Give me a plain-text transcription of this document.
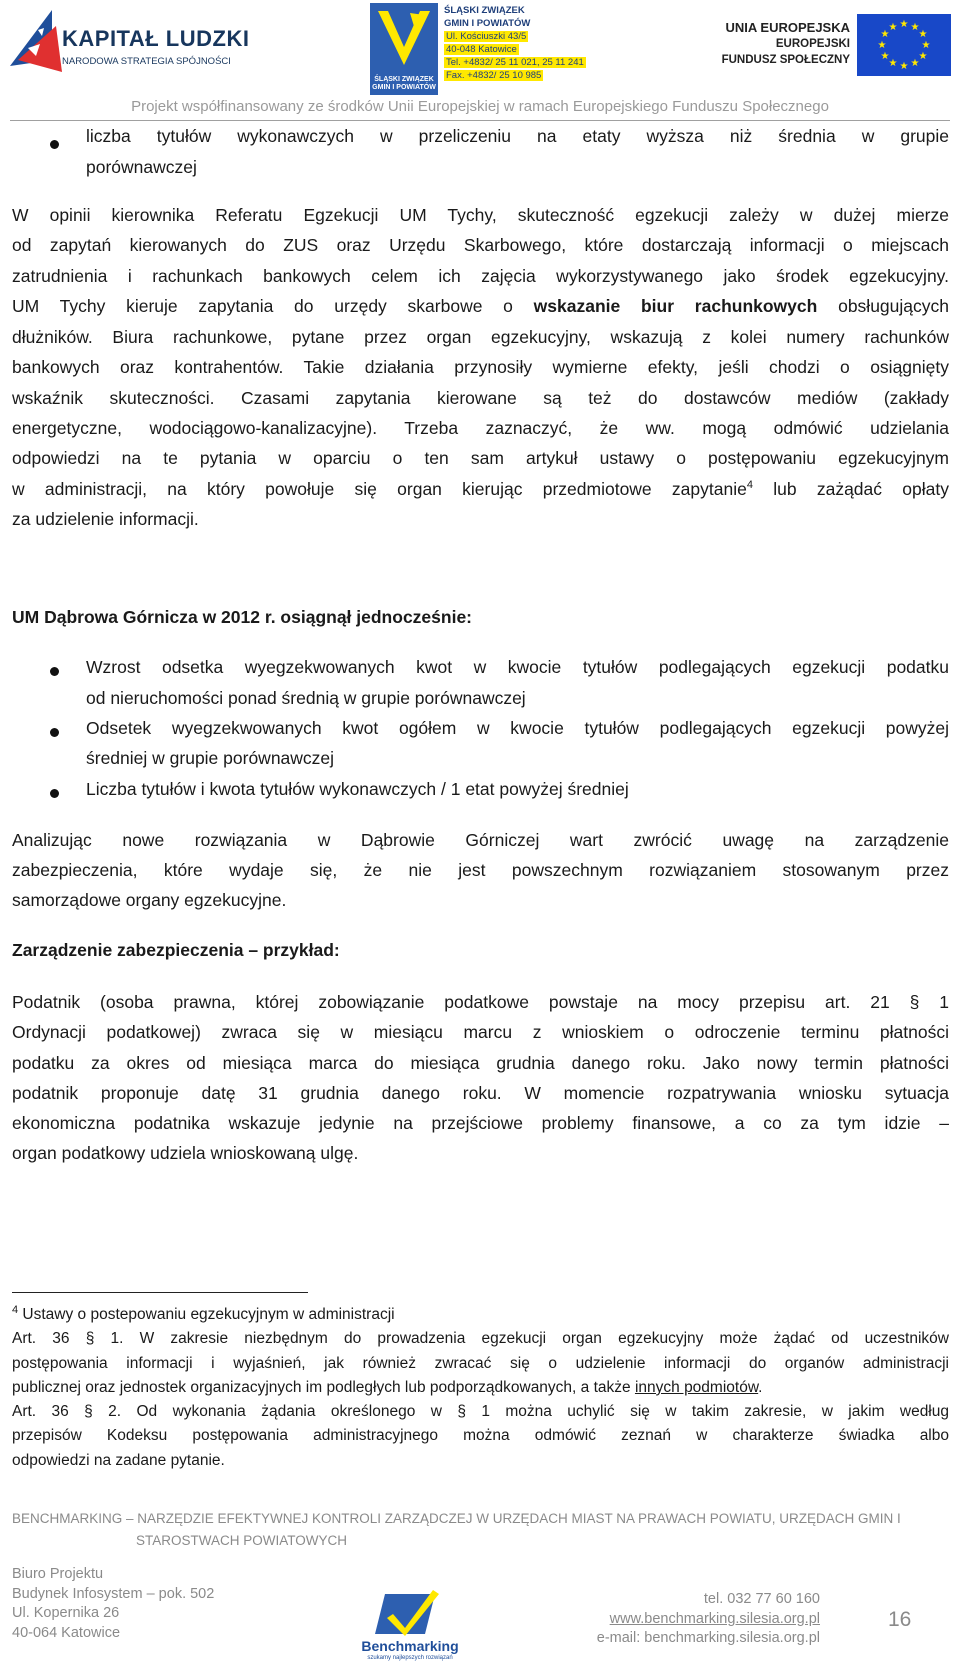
KAPITAŁ LUDZKI
NARODOWA STRATEGIA SPÓJNOŚCI
ŚLĄSKI ZWIĄZEK GMIN I POWIATÓW
ŚLĄSKI ZWIĄZEK
GMIN I POWIATÓW
Ul. Kościuszki 43/5
40-048 Katowice
Tel. +4832/ 25 11 021, 25 11 241
Fax. +4832/ 25 10 985
UNIA EUROPEJSKA
EUROPEJSKI
FUNDUSZ SPOŁECZNY
★ ★
★
★
★
★
★
★
★
★
★
★
Projekt współfinansowany ze środków Unii Europejskiej w ramach Europejskiego Funduszu Społecznego
liczba tytułów wykonawczych w przeliczeniu na etaty wyższa niż średnia w grupie
porównawczej
W opinii kierownika Referatu Egzekucji UM Tychy, skuteczność egzekucji zależy w dużej mierze
od zapytań kierowanych do ZUS oraz Urzędu Skarbowego, które dostarczają informacji o miejscach
zatrudnienia i rachunkach bankowych celem ich zajęcia wykorzystywanego jako środek egzekucyjny.
UM Tychy kieruje zapytania do urzędy skarbowe o wskazanie biur rachunkowych obsługujących
dłużników. Biura rachunkowe, pytane przez organ egzekucyjny, wskazują z kolei numery rachunków
bankowych oraz kontrahentów. Takie działania przynosiły wymierne efekty, jeśli chodzi o osiągnięty
wskaźnik skuteczności. Czasami zapytania kierowane są też do dostawców mediów (zakłady
energetyczne, wodociągowo-kanalizacyjne). Trzeba zaznaczyć, że ww. mogą odmówić udzielania
odpowiedzi na te pytania w oparciu o ten sam artykuł ustawy o postępowaniu egzekucyjnym
w administracji, na który powołuje się organ kierując przedmiotowe zapytanie$^4$ lub zażądać opłaty
za udzielenie informacji.
UM Dąbrowa Górnicza w 2012 r. osiągnął jednocześnie:
Wzrost odsetka wyegzekwowanych kwot w kwocie tytułów podlegających egzekucji podatku
od nieruchomości ponad średnią w grupie porównawczej
Odsetek wyegzekwowanych kwot ogółem w kwocie tytułów podlegających egzekucji powyżej
średniej w grupie porównawczej
Liczba tytułów i kwota tytułów wykonawczych / 1 etat powyżej średniej
Analizując nowe rozwiązania w Dąbrowie Górniczej wart zwrócić uwagę na zarządzenie
zabezpieczenia, które wydaje się, że nie jest powszechnym rozwiązaniem stosowanym przez
samorządowe organy egzekucyjne.
Zarządzenie zabezpieczenia – przykład:
Podatnik (osoba prawna, której zobowiązanie podatkowe powstaje na mocy przepisu art. 21 § 1
Ordynacji podatkowej) zwraca się w miesiącu marcu z wnioskiem o odroczenie terminu płatności
podatku za okres od miesiąca marca do miesiąca grudnia danego roku. Jako nowy termin płatności
podatnik proponuje datę 31 grudnia danego roku. W momencie rozpatrywania wniosku sytuacja
ekonomiczna podatnika wskazuje jedynie na przejściowe problemy finansowe, a co za tym idzie –
organ podatkowy udziela wnioskowaną ulgę.
$^4$ Ustawy o postepowaniu egzekucyjnym w administracji
Art. 36 § 1. W zakresie niezbędnym do prowadzenia egzekucji organ egzekucyjny może żądać od uczestników
postępowania informacji i wyjaśnień, jak również zwracać się o udzielenie informacji do organów administracji
publicznej oraz jednostek organizacyjnych im podległych lub podporządkowanych, a także innych podmiotów.
Art. 36 § 2. Od wykonania żądania określonego w § 1 można uchylić się w takim zakresie, w jakim według
przepisów Kodeksu postępowania administracyjnego można odmówić zeznań w charakterze świadka albo
odpowiedzi na zadane pytanie.
BENCHMARKING – NARZĘDZIE EFEKTYWNEJ KONTROLI ZARZĄDCZEJ W URZĘDACH MIAST NA PRAWACH POWIATU, URZĘDACH GMIN I
STAROSTWACH POWIATOWYCH
Biuro Projektu
Budynek Infosystem – pok. 502
Ul. Kopernika 26
40-064 Katowice
Benchmarking
szukamy najlepszych rozwiązań
tel. 032 77 60 160
www.benchmarking.silesia.org.pl
e-mail: benchmarking.silesia.org.pl
16
